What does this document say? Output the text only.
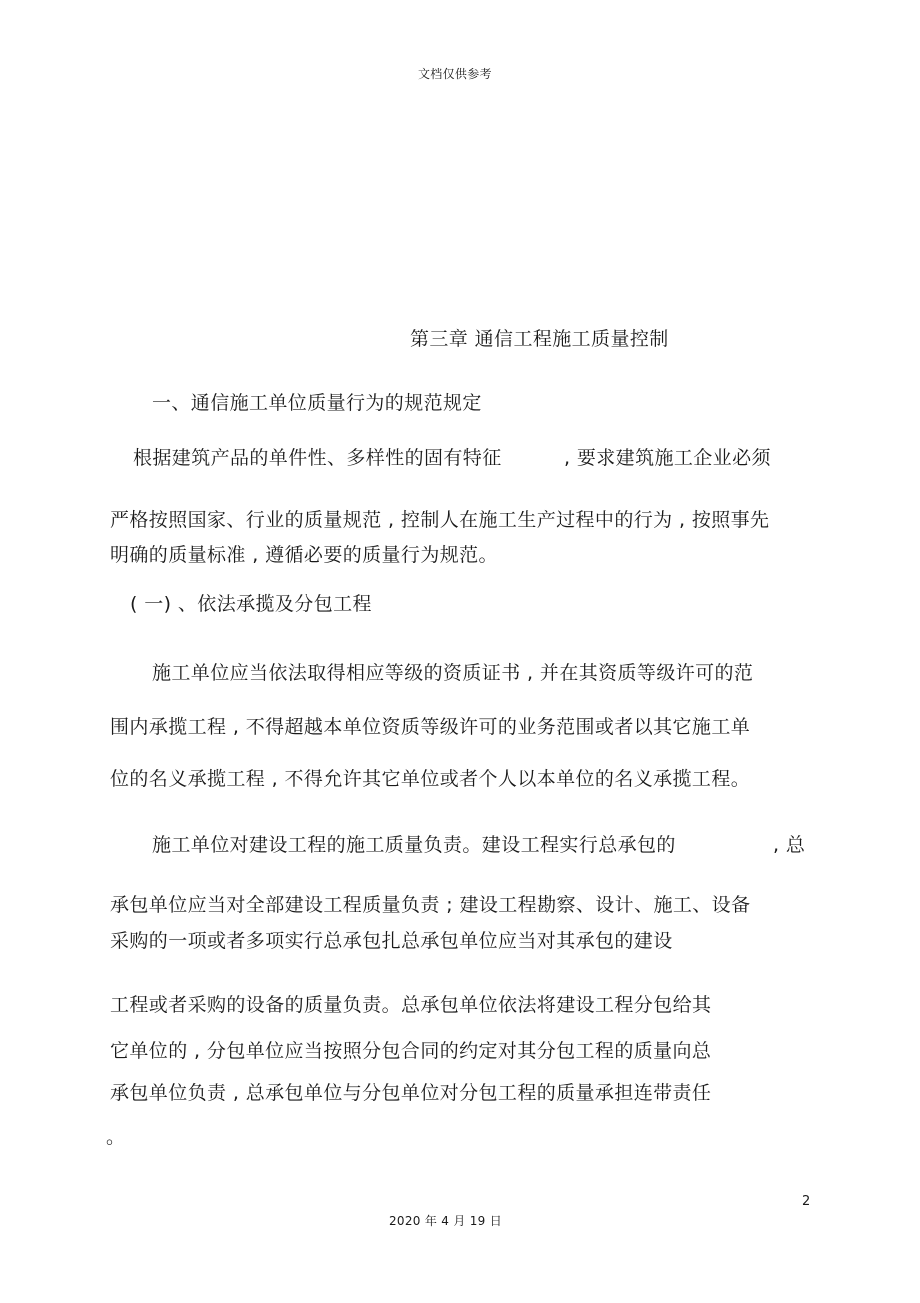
文档仅供参考
第三章 通信工程施工质量控制
一、通信施工单位质量行为的规范规定
根据建筑产品的单件性、多样性的固有特征	, 要求建筑施工企业必须
严格按照国家、行业的质量规范 , 控制人在施工生产过程中的行为 , 按照事先
明确的质量标准 , 遵循必要的质量行为规范。
( 一) 、依法承揽及分包工程
施工单位应当依法取得相应等级的资质证书 , 并在其资质等级许可的范
围内承揽工程 , 不得超越本单位资质等级许可的业务范围或者以其它施工单
位的名义承揽工程 , 不得允许其它单位或者个人以本单位的名义承揽工程。
施工单位对建设工程的施工质量负责。建设工程实行总承包的	, 总
承包单位应当对全部建设工程质量负责 ; 建设工程勘察、设计、施工、设备
采购的一项或者多项实行总承包扎总承包单位应当对其承包的建设
工程或者采购的设备的质量负责。总承包单位依法将建设工程分包给其
它单位的 , 分包单位应当按照分包合同的约定对其分包工程的质量向总
承包单位负责 , 总承包单位与分包单位对分包工程的质量承担连带责任
。
2
2020 年 4 月 19 日
